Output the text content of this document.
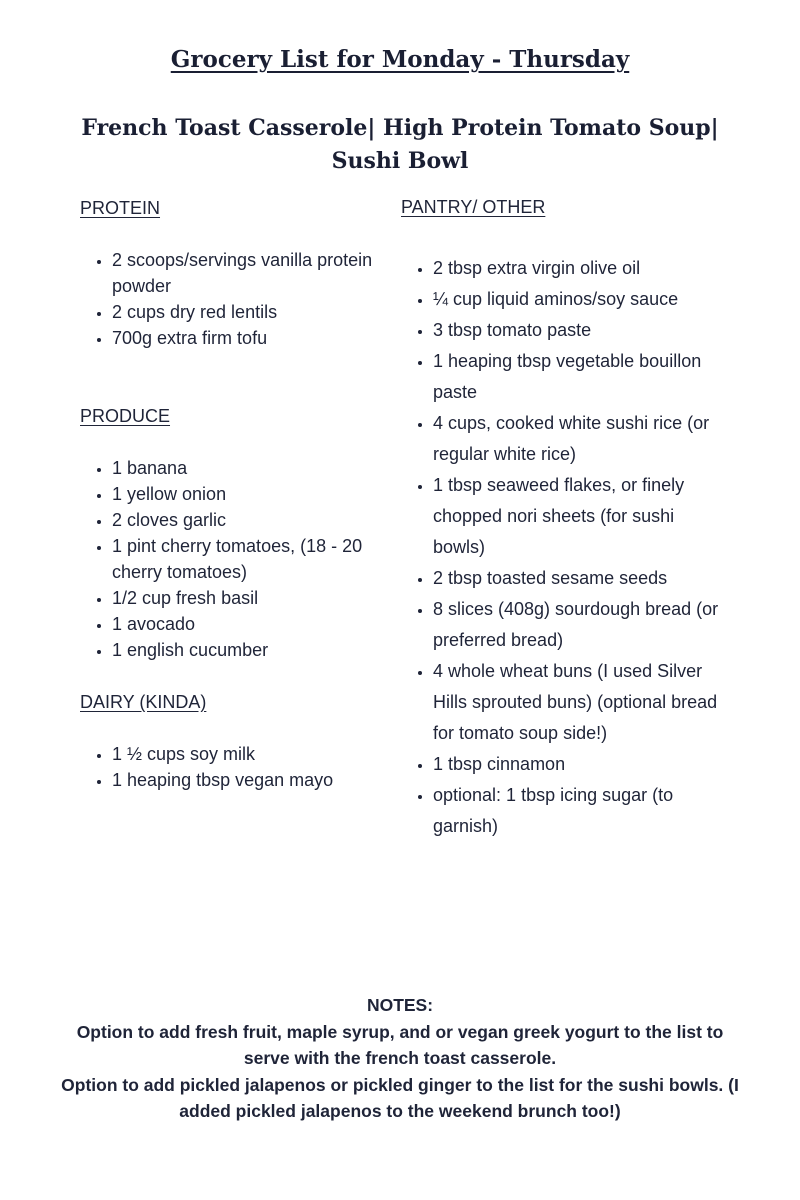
Grocery List for Monday - Thursday
French Toast Casserole| High Protein Tomato Soup| Sushi Bowl

PROTEIN

• 2 scoops/servings vanilla protein powder
• 2 cups dry red lentils
• 700g extra firm tofu

PRODUCE

• 1 banana
• 1 yellow onion
• 2 cloves garlic
• 1 pint cherry tomatoes, (18 - 20 cherry tomatoes)
• 1/2 cup fresh basil
• 1 avocado
• 1 english cucumber

DAIRY (KINDA)

• 1 ½ cups soy milk
• 1 heaping tbsp vegan mayo

PANTRY/ OTHER

• 2 tbsp extra virgin olive oil
• ¼ cup liquid aminos/soy sauce
• 3 tbsp tomato paste
• 1 heaping tbsp vegetable bouillon paste
• 4 cups, cooked white sushi rice (or regular white rice)
• 1 tbsp seaweed flakes, or finely chopped nori sheets (for sushi bowls)
• 2 tbsp toasted sesame seeds
• 8 slices (408g) sourdough bread (or preferred bread)
• 4 whole wheat buns (I used Silver Hills sprouted buns) (optional bread for tomato soup side!)
• 1 tbsp cinnamon
• optional: 1 tbsp icing sugar (to garnish)

NOTES:

Option to add fresh fruit, maple syrup, and or vegan greek yogurt to the list to serve with the french toast casserole.

Option to add pickled jalapenos or pickled ginger to the list for the sushi bowls. (I added pickled jalapenos to the weekend brunch too!)
